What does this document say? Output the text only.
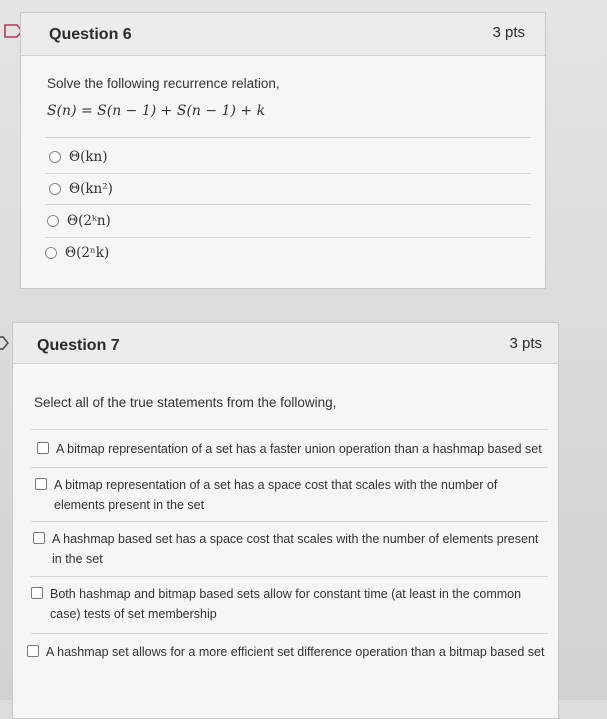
Question 6	3 pts
Solve the following recurrence relation,
S(n) = S(n − 1) + S(n − 1) + k
Θ(kn)
Θ(kn²)
Θ(2ᵏn)
Θ(2ⁿk)
Question 7	3 pts
Select all of the true statements from the following,
A bitmap representation of a set has a faster union operation than a hashmap based set
A bitmap representation of a set has a space cost that scales with the number of elements present in the set
A hashmap based set has a space cost that scales with the number of elements present in the set
Both hashmap and bitmap based sets allow for constant time (at least in the common case) tests of set membership
A hashmap set allows for a more efficient set difference operation than a bitmap based set
